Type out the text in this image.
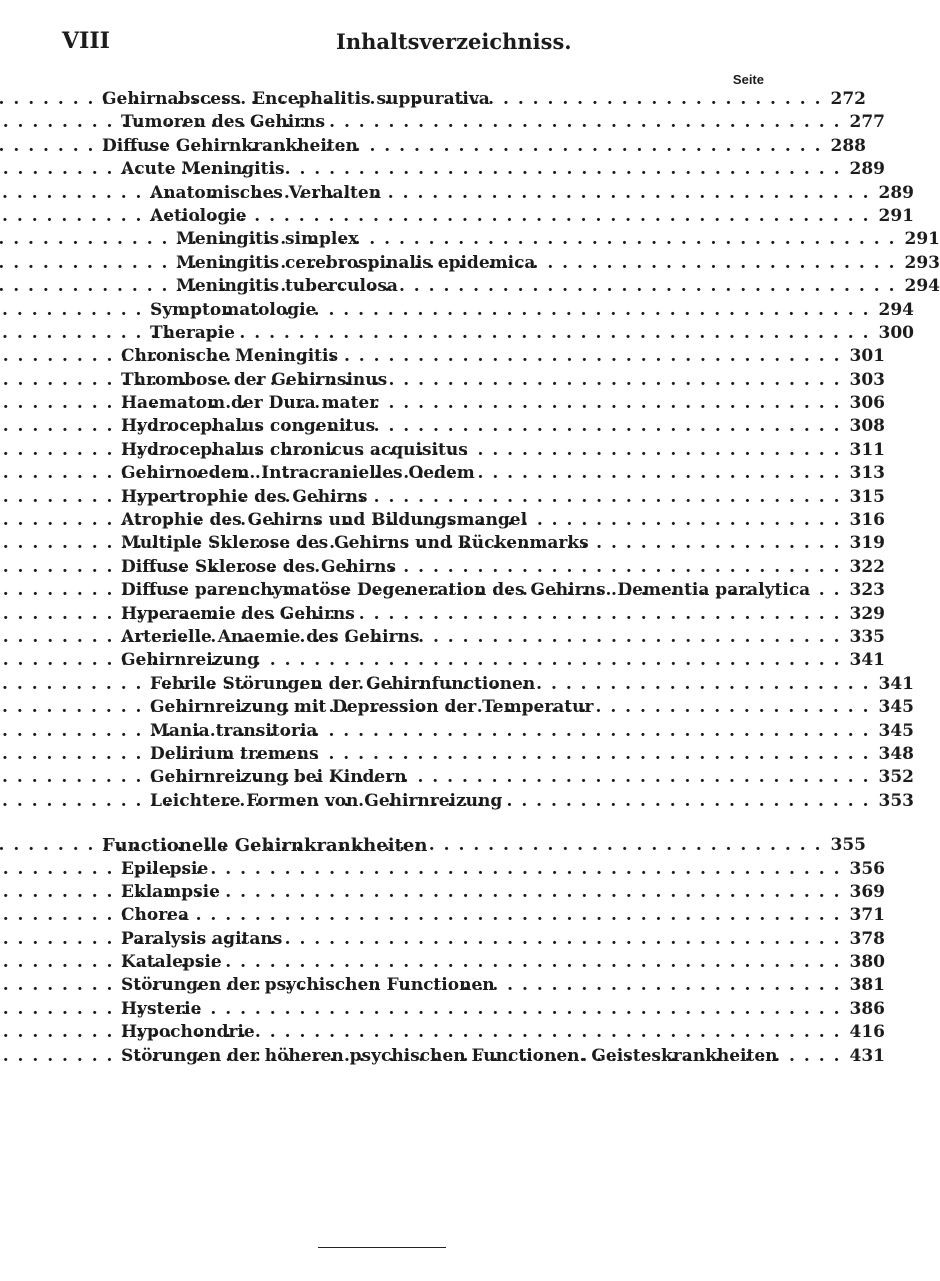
VIII	Inhaltsverzeichniss.
Seite
Gehirnabscess. Encephalitis suppurativa . . .	272
Tumoren des Gehirns . . .	277
Diffuse Gehirnkrankheiten . . .	288
Acute Meningitis . . .	289
Anatomisches Verhalten . . .	289
Aetiologie . . .	291
Meningitis simplex . . .	291
Meningitis cerebrospinalis epidemica . . .	293
Meningitis tuberculosa . . .	294
Symptomatologie . . .	294
Therapie . . .	300
Chronische Meningitis . . .	301
Thrombose der Gehirnsinus . . .	303
Haematom der Dura mater . . .	306
Hydrocephalus congenitus . . .	308
Hydrocephalus chronicus acquisitus . . .	311
Gehirnoedem. Intracranielles Oedem . . .	313
Hypertrophie des Gehirns . . .	315
Atrophie des Gehirns und Bildungsmangel . . .	316
Multiple Sklerose des Gehirns und Rückenmarks . . .	319
Diffuse Sklerose des Gehirns . . .	322
Diffuse parenchymatöse Degeneration des Gehirns. Dementia paralytica . . .	323
Hyperaemie des Gehirns . . .	329
Arterielle Anaemie des Gehirns . . .	335
Gehirnreizung . . .	341
Febrile Störungen der Gehirnfunctionen . . .	341
Gehirnreizung mit Depression der Temperatur . . .	345
Mania transitoria . . .	345
Delirium tremens . . .	348
Gehirnreizung bei Kindern . . .	352
Leichtere Formen von Gehirnreizung . . .	353
Functionelle Gehirnkrankheiten . . .	355
Epilepsie . . .	356
Eklampsie . . .	369
Chorea . . .	371
Paralysis agitans . . .	378
Katalepsie . . .	380
Störungen der psychischen Functionen . . .	381
Hysterie . . .	386
Hypochondrie . . .	416
Störungen der höheren psychischen Functionen. Geisteskrankheiten . . .	431
